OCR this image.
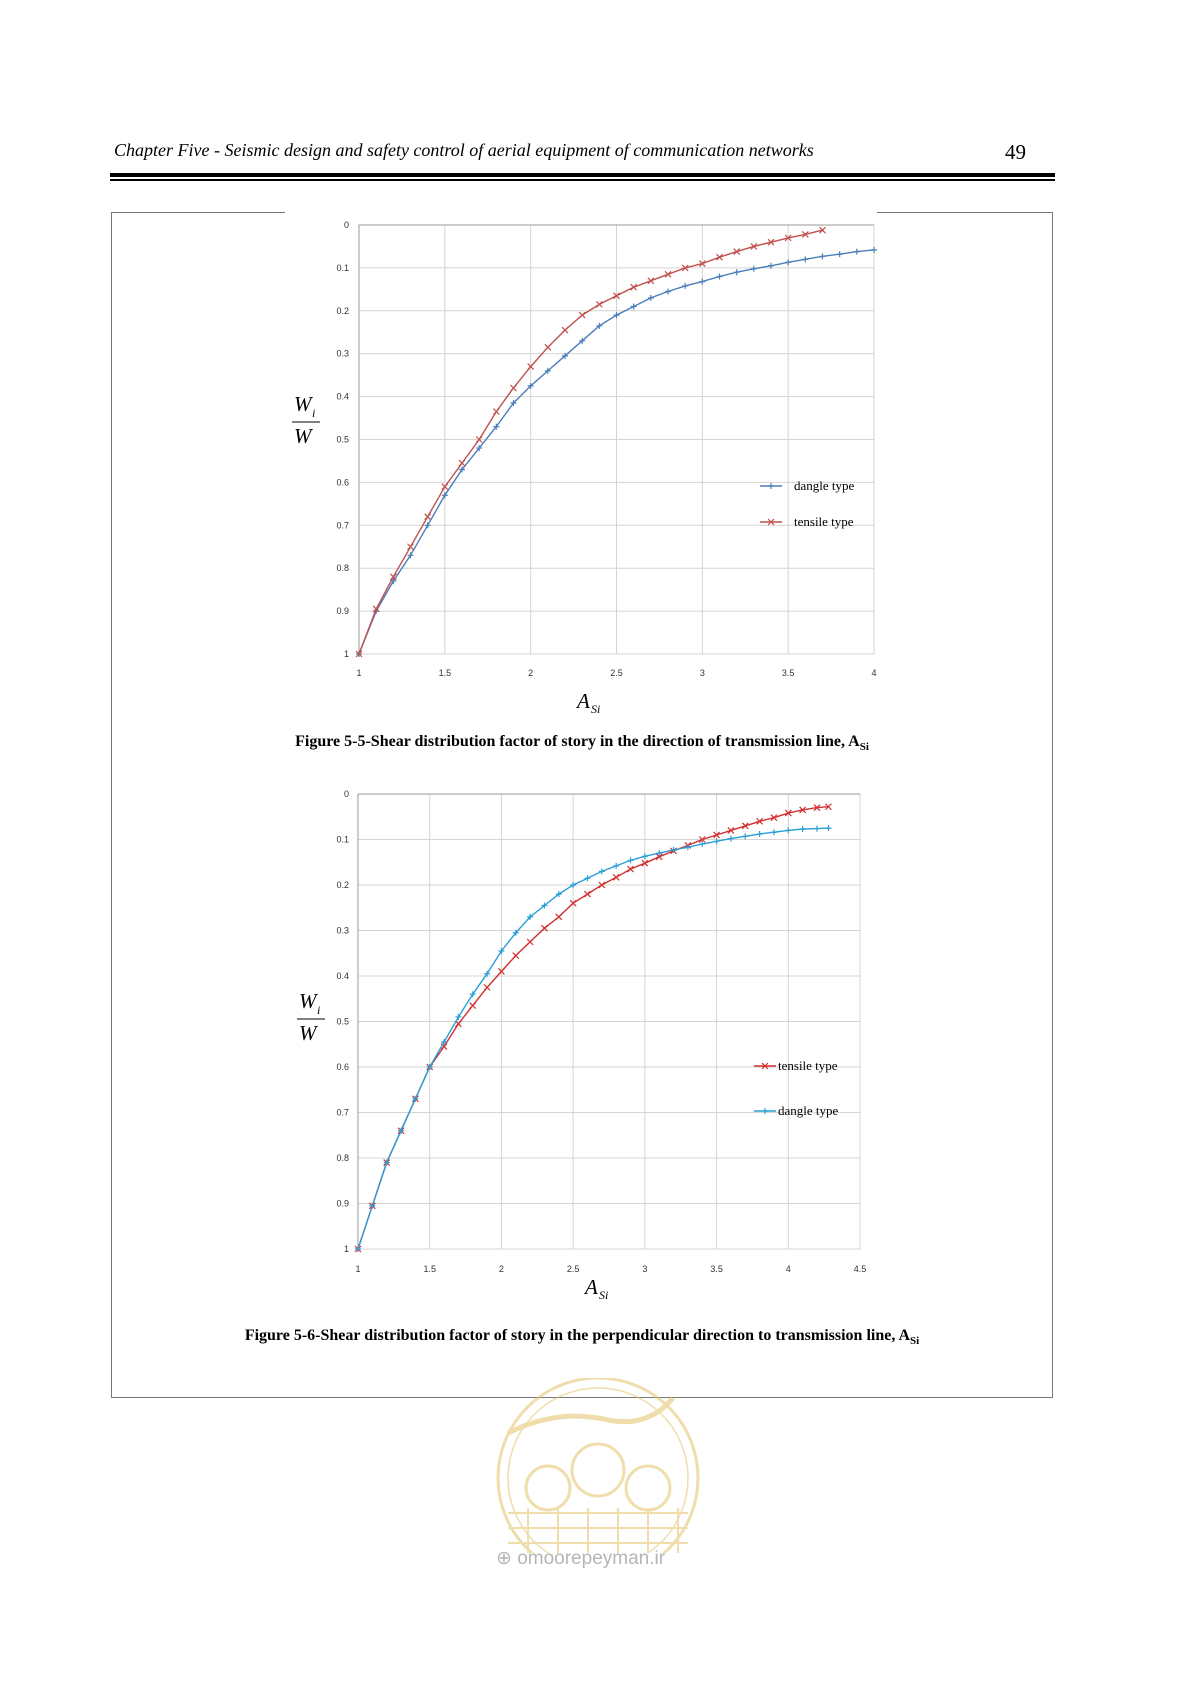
Chapter Five - Seismic design and safety control of aerial equipment of communication networks	49
1	1.5	2	2.5	3	3.5	4
0
0.1
0.2
0.3
0.4
0.5
0.6
0.7
0.8
0.9
1
dangle type
tensile type
W i
W
A Si
Figure 5-5-Shear distribution factor of story in the direction of transmission line, $A_{Si}$
Figure 5-6-Shear distribution factor of story in the perpendicular direction to transmission line, $A_{Si}$
⊕ omoorepeyman.ir
1	1.5	2	2.5	3	3.5	4	4.5
0
0.1
0.2
0.3
0.4
0.5
0.6
0.7
0.8
0.9
1
tensile type
dangle type
W i
W
A Si
